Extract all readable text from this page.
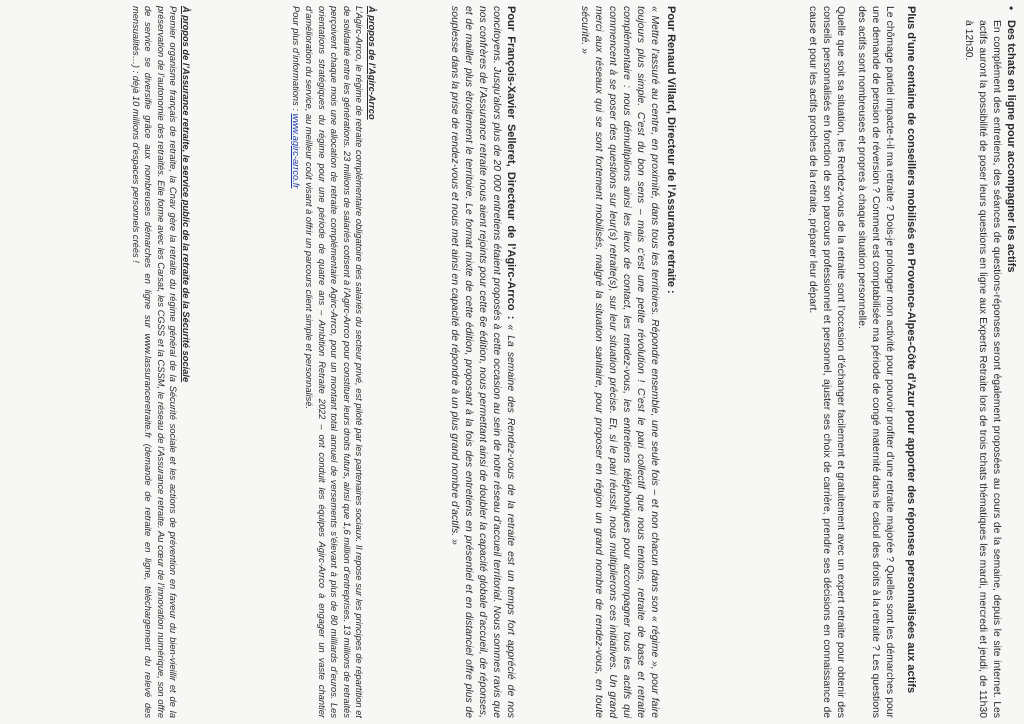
•
Des tchats en ligne pour accompagner les actifs

En complément des entretiens, des séances de questions-réponses seront également proposées au cours de la semaine, depuis le site internet. Les actifs auront la possibilité de poser leurs questions en ligne aux Experts Retraite lors de trois tchats thématiques les mardi, mercredi et jeudi, de 11h30 à 12h30.

Plus d’une centaine de conseillers mobilisés en Provence-Alpes-Côte d’Azur pour apporter des réponses personnalisées aux actifs

Le chômage partiel impacte-t-il ma retraite ? Dois-je prolonger mon activité pour pouvoir profiter d’une retraite majorée ? Quelles sont les démarches pour une demande de pension de réversion ? Comment est comptabilisée ma période de congé maternité dans le calcul des droits à la retraite ? Les questions des actifs sont nombreuses et propres à chaque situation personnelle.

Quelle que soit sa situation, les Rendez-vous de la retraite sont l’occasion d’échanger facilement et gratuitement avec un expert retraite pour obtenir des conseils personnalisés en fonction de son parcours professionnel et personnel, ajuster ses choix de carrière, prendre ses décisions en connaissance de cause et pour les actifs proches de la retraite, préparer leur départ.

Pour Renaud Villard, Directeur de l’Assurance retraite :

« Mettre l’assuré au centre, en proximité, dans tous les territoires. Répondre ensemble, une seule fois – et non chacun dans son « régime », pour faire toujours plus simple. C’est du bon sens – mais c’est une petite révolution ! C’est le pari collectif que nous tentons, retraite de base et retraite complémentaire : nous démultiplions ainsi les lieux de contact, les rendez-vous, les entretiens téléphoniques pour accompagner tous les actifs qui commencent à se poser des questions sur leur(s) retraite(s), sur leur situation précise. Et, si le pari réussit, nous multiplierons ces initiatives. Un grand merci aux réseaux qui se sont fortement mobilisés, malgré la situation sanitaire, pour proposer en région un grand nombre de rendez-vous, en toute sécurité. »

Pour François-Xavier Selleret, Directeur de l’Agirc-Arrco : « La semaine des Rendez-vous de la retraite est un temps fort apprécié de nos concitoyens. Jusqu’alors plus de 20 000 entretiens étaient proposés à cette occasion au sein de notre réseau d’accueil territorial. Nous sommes ravis que nos confrères de l’Assurance retraite nous aient rejoints pour cette 6e édition, nous permettant ainsi de doubler la capacité globale d’accueil, de réponses, et de mailler plus étroitement le territoire. Le format mixte de cette édition, proposant à la fois des entretiens en présentiel et en distanciel offre plus de souplesse dans la prise de rendez-vous et nous met ainsi en capacité de répondre à un plus grand nombre d’actifs. »

À propos de l’Agirc-Arrco

L’Agirc-Arrco, le régime de retraite complémentaire obligatoire des salariés du secteur privé, est piloté par les partenaires sociaux. Il repose sur les principes de répartition et de solidarité entre les générations. 23 millions de salariés cotisent à l’Agirc-Arrco pour constituer leurs droits futurs, ainsi que 1,6 million d’entreprises. 13 millions de retraités perçoivent chaque mois une allocation de retraite complémentaire Agirc-Arrco, pour un montant total annuel de versements s’élevant à plus de 80 milliards d’euros. Les orientations stratégiques du régime pour une période de quatre ans – Ambition Retraite 2022 – ont conduit les équipes Agirc-Arrco à engager un vaste chantier d’amélioration du service, au meilleur coût visant à offrir un parcours client simple et personnalisé.

Pour plus d’informations : www.agirc-arrco.fr
À propos de l’Assurance retraite, le service public de la retraite de la Sécurité sociale

Premier organisme français de retraite, la Cnav gère la retraite du régime général de la Sécurité sociale et les actions de prévention en faveur du bien-vieillir et de la préservation de l’autonomie des retraités. Elle forme avec les Carsat, les CGSS et la CSSM, le réseau de l’Assurance retraite. Au cœur de l’innovation numérique, son offre de service se diversifie grâce aux nombreuses démarches en ligne sur www.lassuranceretraite.fr (demande de retraite en ligne, téléchargement du relevé des mensualités…) : déjà 10 millions d’espaces personnels créés !
